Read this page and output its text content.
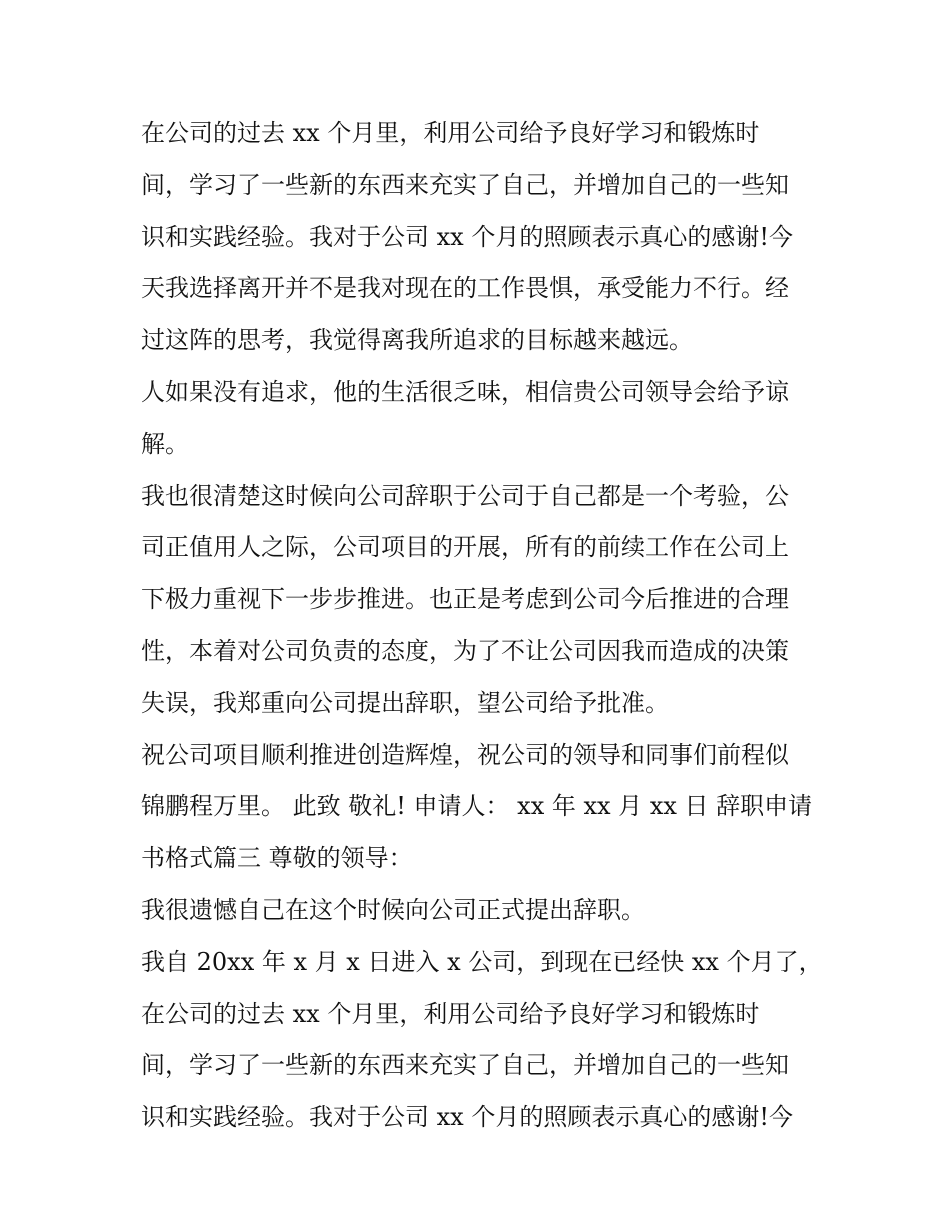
在公司的过去 xx 个月里，利用公司给予良好学习和锻炼时
间，学习了一些新的东西来充实了自己，并增加自己的一些知
识和实践经验。我对于公司 xx 个月的照顾表示真心的感谢!今
天我选择离开并不是我对现在的工作畏惧，承受能力不行。经
过这阵的思考，我觉得离我所追求的目标越来越远。
人如果没有追求，他的生活很乏味，相信贵公司领导会给予谅
解。
我也很清楚这时候向公司辞职于公司于自己都是一个考验，公
司正值用人之际，公司项目的开展，所有的前续工作在公司上
下极力重视下一步步推进。也正是考虑到公司今后推进的合理
性，本着对公司负责的态度，为了不让公司因我而造成的决策
失误，我郑重向公司提出辞职，望公司给予批准。
祝公司项目顺利推进创造辉煌，祝公司的领导和同事们前程似
锦鹏程万里。 此致 敬礼! 申请人： xx 年 xx 月 xx 日 辞职申请
书格式篇三 尊敬的领导：
我很遗憾自己在这个时候向公司正式提出辞职。
我自 20xx 年 x 月 x 日进入 x 公司，到现在已经快 xx 个月了，
在公司的过去 xx 个月里，利用公司给予良好学习和锻炼时
间，学习了一些新的东西来充实了自己，并增加自己的一些知
识和实践经验。我对于公司 xx 个月的照顾表示真心的感谢!今
